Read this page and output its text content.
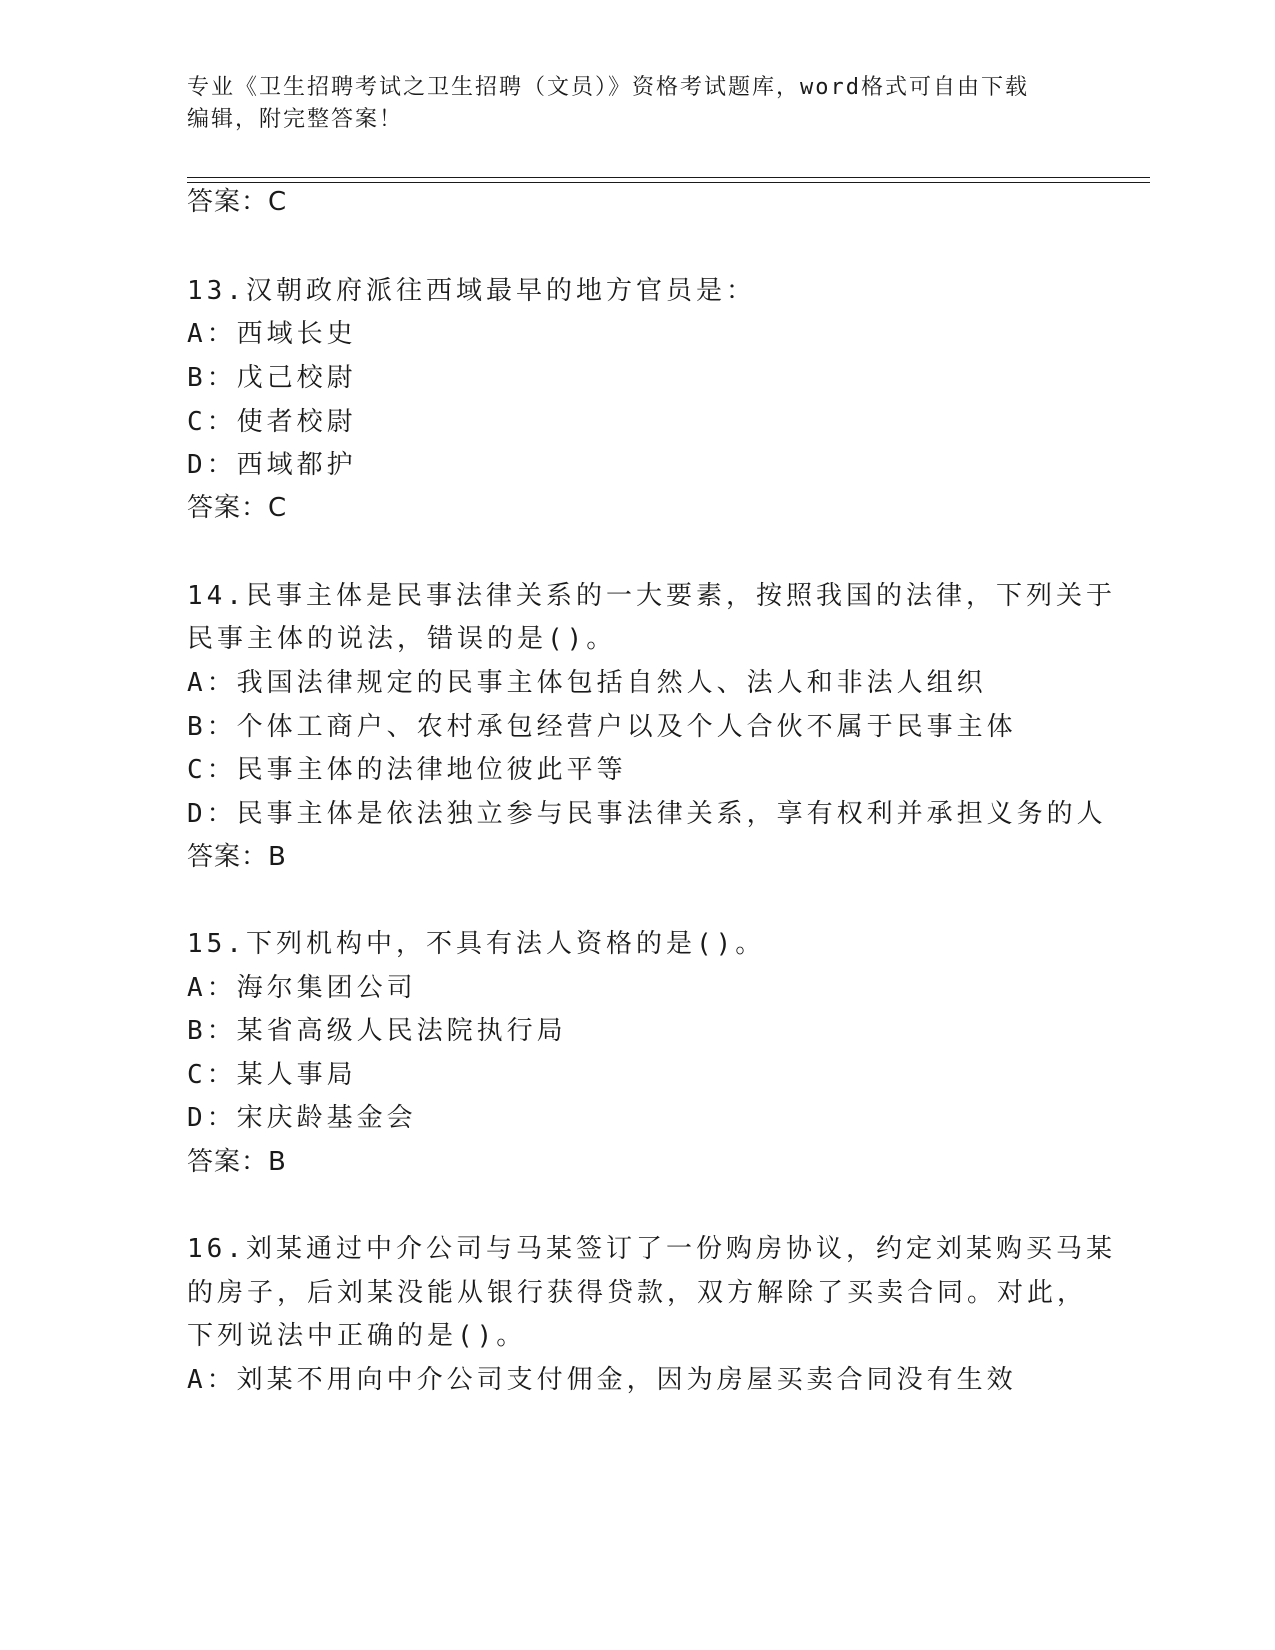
专业《卫生招聘考试之卫生招聘（文员）》资格考试题库，word格式可自由下载
编辑，附完整答案！
答案：C
13.汉朝政府派往西域最早的地方官员是：
A：西域长史
B：戊己校尉
C：使者校尉
D：西域都护
答案：C
14.民事主体是民事法律关系的一大要素，按照我国的法律，下列关于
民事主体的说法，错误的是()。
A：我国法律规定的民事主体包括自然人、法人和非法人组织
B：个体工商户、农村承包经营户以及个人合伙不属于民事主体
C：民事主体的法律地位彼此平等
D：民事主体是依法独立参与民事法律关系，享有权利并承担义务的人
答案：B
15.下列机构中，不具有法人资格的是()。
A：海尔集团公司
B：某省高级人民法院执行局
C：某人事局
D：宋庆龄基金会
答案：B
16.刘某通过中介公司与马某签订了一份购房协议，约定刘某购买马某
的房子，后刘某没能从银行获得贷款，双方解除了买卖合同。对此，
下列说法中正确的是()。
A：刘某不用向中介公司支付佣金，因为房屋买卖合同没有生效
